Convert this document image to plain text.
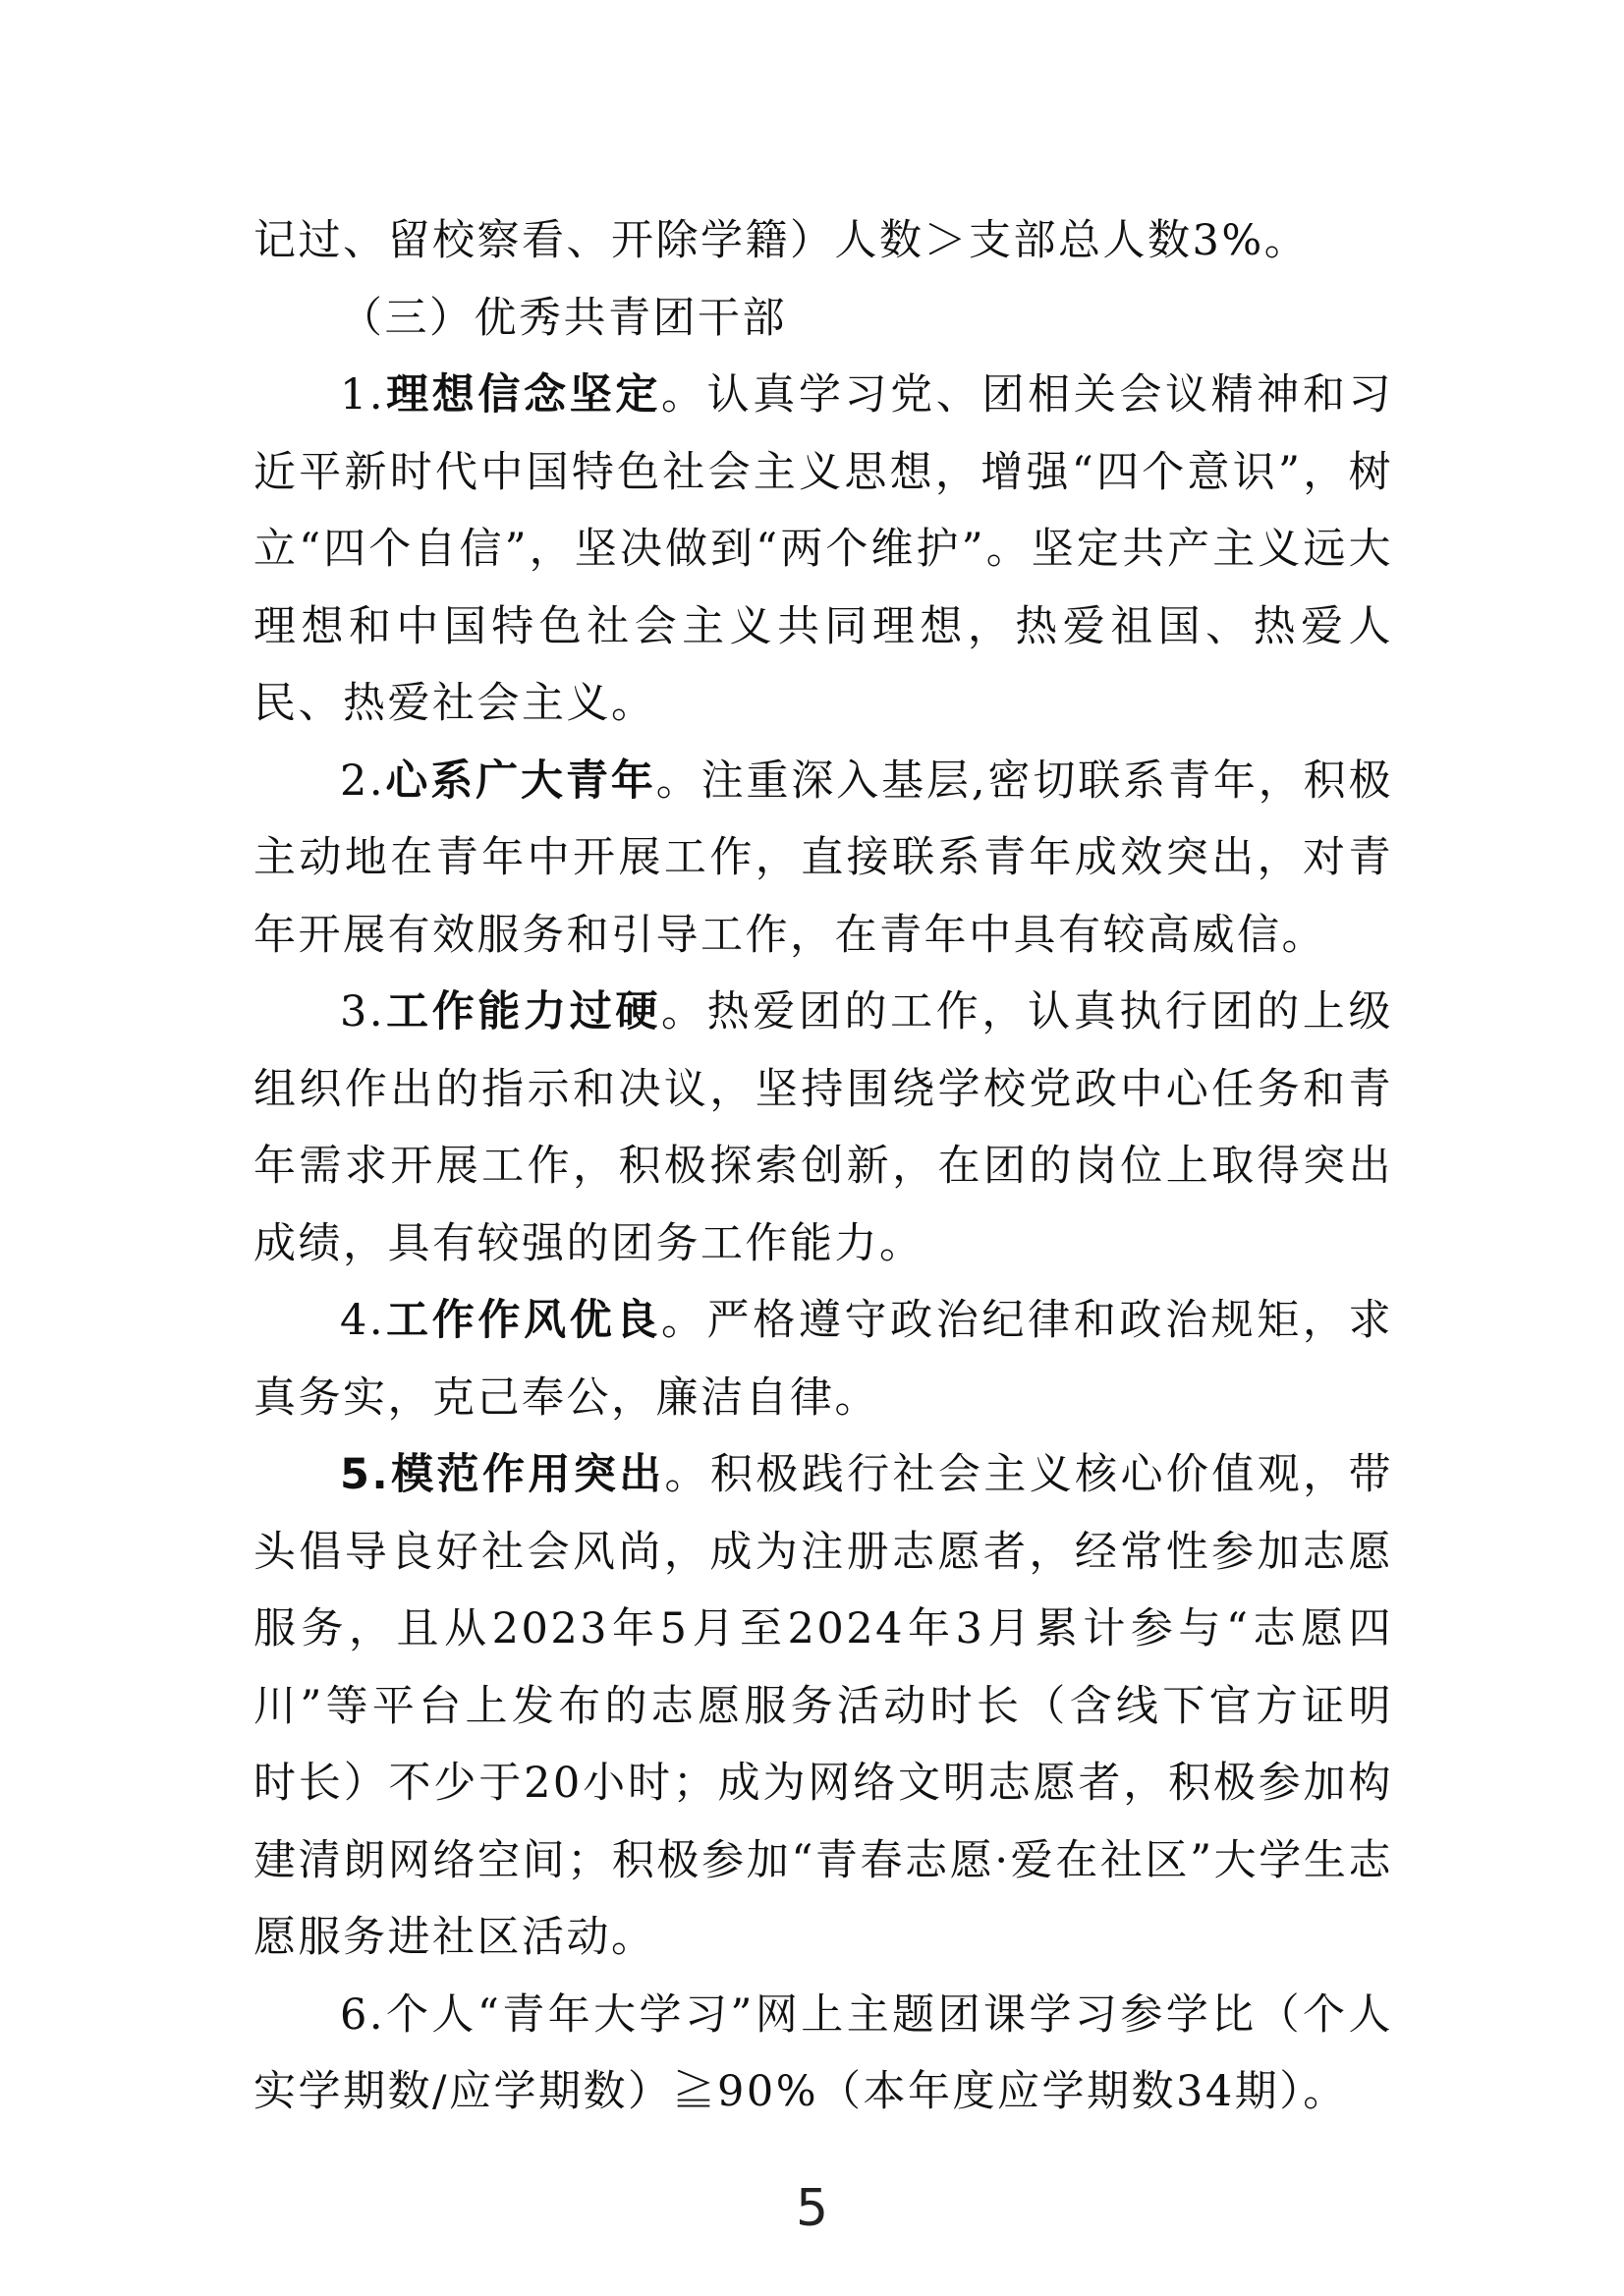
记过、留校察看、开除学籍）人数＞支部总人数3%。

（三）优秀共青团干部

1.理想信念坚定。认真学习党、团相关会议精神和习近平新时代中国特色社会主义思想，增强“四个意识”，树立“四个自信”，坚决做到“两个维护”。坚定共产主义远大理想和中国特色社会主义共同理想，热爱祖国、热爱人民、热爱社会主义。

2.心系广大青年。注重深入基层,密切联系青年，积极主动地在青年中开展工作，直接联系青年成效突出，对青年开展有效服务和引导工作，在青年中具有较高威信。

3.工作能力过硬。热爱团的工作，认真执行团的上级组织作出的指示和决议，坚持围绕学校党政中心任务和青年需求开展工作，积极探索创新，在团的岗位上取得突出成绩，具有较强的团务工作能力。

4.工作作风优良。严格遵守政治纪律和政治规矩，求真务实，克己奉公，廉洁自律。

5.模范作用突出。积极践行社会主义核心价值观，带头倡导良好社会风尚，成为注册志愿者，经常性参加志愿服务，且从2023年5月至2024年3月累计参与“志愿四川”等平台上发布的志愿服务活动时长（含线下官方证明时长）不少于20小时；成为网络文明志愿者，积极参加构建清朗网络空间；积极参加“青春志愿·爱在社区”大学生志愿服务进社区活动。

6.个人“青年大学习”网上主题团课学习参学比（个人实学期数/应学期数）≧90%（本年度应学期数34期）。

5
